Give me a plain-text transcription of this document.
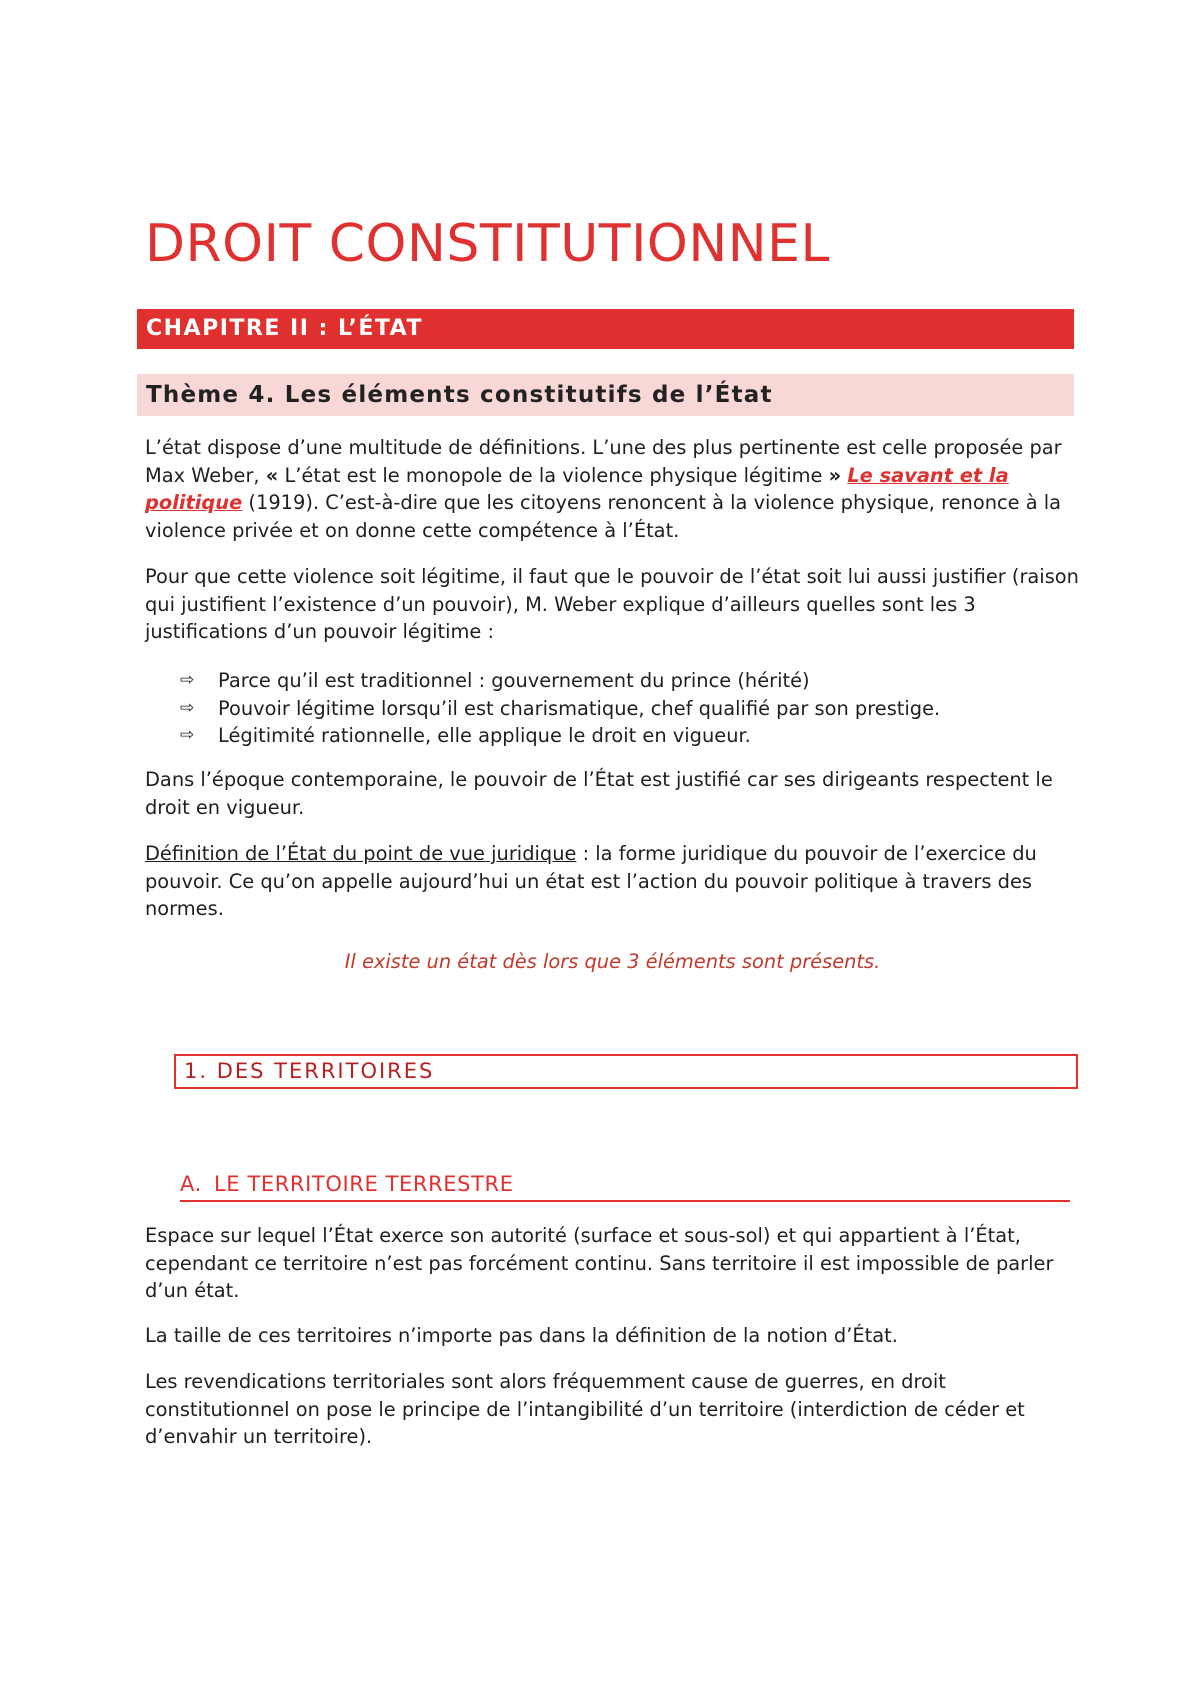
DROIT CONSTITUTIONNEL
CHAPITRE II : L’ÉTAT
Thème 4. Les éléments constitutifs de l’État

L’état dispose d’une multitude de définitions. L’une des plus pertinente est celle proposée par Max Weber, « L’état est le monopole de la violence physique légitime » Le savant et la politique (1919). C’est-à-dire que les citoyens renoncent à la violence physique, renonce à la violence privée et on donne cette compétence à l’État.

Pour que cette violence soit légitime, il faut que le pouvoir de l’état soit lui aussi justifier (raison qui justifient l’existence d’un pouvoir), M. Weber explique d’ailleurs quelles sont les 3 justifications d’un pouvoir légitime :

⇨	Parce qu’il est traditionnel : gouvernement du prince (hérité)
⇨	Pouvoir légitime lorsqu’il est charismatique, chef qualifié par son prestige.
⇨	Légitimité rationnelle, elle applique le droit en vigueur.

Dans l’époque contemporaine, le pouvoir de l’État est justifié car ses dirigeants respectent le droit en vigueur.

Définition de l’État du point de vue juridique : la forme juridique du pouvoir de l’exercice du pouvoir. Ce qu’on appelle aujourd’hui un état est l’action du pouvoir politique à travers des normes.

Il existe un état dès lors que 3 éléments sont présents.
1. DES TERRITOIRES
A. LE TERRITOIRE TERRESTRE

Espace sur lequel l’État exerce son autorité (surface et sous-sol) et qui appartient à l’État, cependant ce territoire n’est pas forcément continu. Sans territoire il est impossible de parler d’un état.

La taille de ces territoires n’importe pas dans la définition de la notion d’État.

Les revendications territoriales sont alors fréquemment cause de guerres, en droit constitutionnel on pose le principe de l’intangibilité d’un territoire (interdiction de céder et d’envahir un territoire).
